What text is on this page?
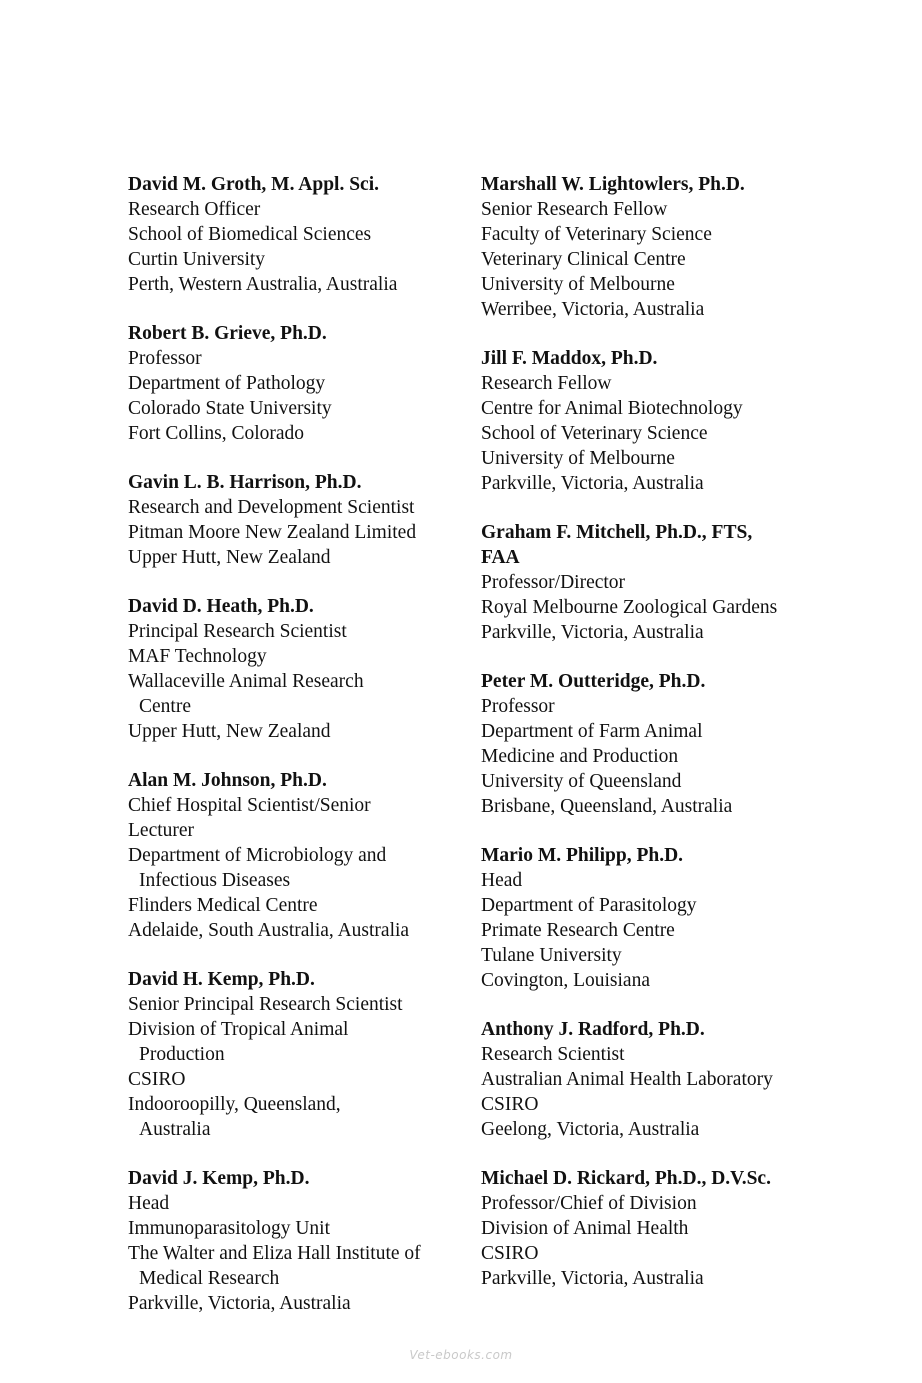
David M. Groth, M. Appl. Sci.
Research Officer
School of Biomedical Sciences
Curtin University
Perth, Western Australia, Australia
Robert B. Grieve, Ph.D.
Professor
Department of Pathology
Colorado State University
Fort Collins, Colorado
Gavin L. B. Harrison, Ph.D.
Research and Development Scientist
Pitman Moore New Zealand Limited
Upper Hutt, New Zealand
David D. Heath, Ph.D.
Principal Research Scientist
MAF Technology
Wallaceville Animal Research
Centre
Upper Hutt, New Zealand
Alan M. Johnson, Ph.D.
Chief Hospital Scientist/Senior
Lecturer
Department of Microbiology and
Infectious Diseases
Flinders Medical Centre
Adelaide, South Australia, Australia
David H. Kemp, Ph.D.
Senior Principal Research Scientist
Division of Tropical Animal
Production
CSIRO
Indooroopilly, Queensland,
Australia
David J. Kemp, Ph.D.
Head
Immunoparasitology Unit
The Walter and Eliza Hall Institute of
Medical Research
Parkville, Victoria, Australia
Marshall W. Lightowlers, Ph.D.
Senior Research Fellow
Faculty of Veterinary Science
Veterinary Clinical Centre
University of Melbourne
Werribee, Victoria, Australia
Jill F. Maddox, Ph.D.
Research Fellow
Centre for Animal Biotechnology
School of Veterinary Science
University of Melbourne
Parkville, Victoria, Australia
Graham F. Mitchell, Ph.D., FTS,
FAA
Professor/Director
Royal Melbourne Zoological Gardens
Parkville, Victoria, Australia
Peter M. Outteridge, Ph.D.
Professor
Department of Farm Animal
Medicine and Production
University of Queensland
Brisbane, Queensland, Australia
Mario M. Philipp, Ph.D.
Head
Department of Parasitology
Primate Research Centre
Tulane University
Covington, Louisiana
Anthony J. Radford, Ph.D.
Research Scientist
Australian Animal Health Laboratory
CSIRO
Geelong, Victoria, Australia
Michael D. Rickard, Ph.D., D.V.Sc.
Professor/Chief of Division
Division of Animal Health
CSIRO
Parkville, Victoria, Australia
Vet-ebooks.com
